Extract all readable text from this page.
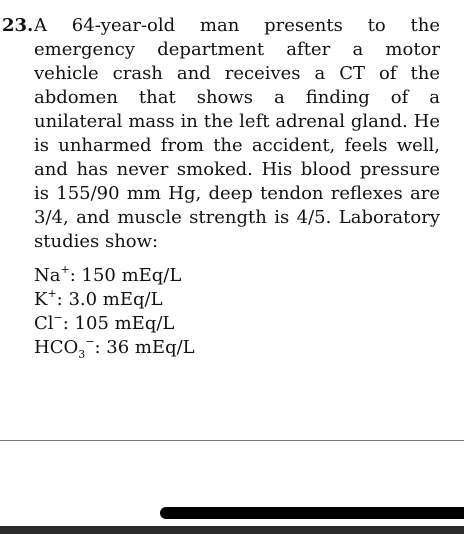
23. A 64-year-old man presents to the emergency department after a motor vehicle crash and receives a CT of the abdomen that shows a finding of a unilateral mass in the left adrenal gland. He is unharmed from the accident, feels well, and has never smoked. His blood pressure is 155/90 mm Hg, deep tendon reflexes are 3/4, and muscle strength is 4/5. Laboratory studies show:
Na+: 150 mEq/L
K+: 3.0 mEq/L
Cl−: 105 mEq/L
$HCO_3^-$: 36 mEq/L
